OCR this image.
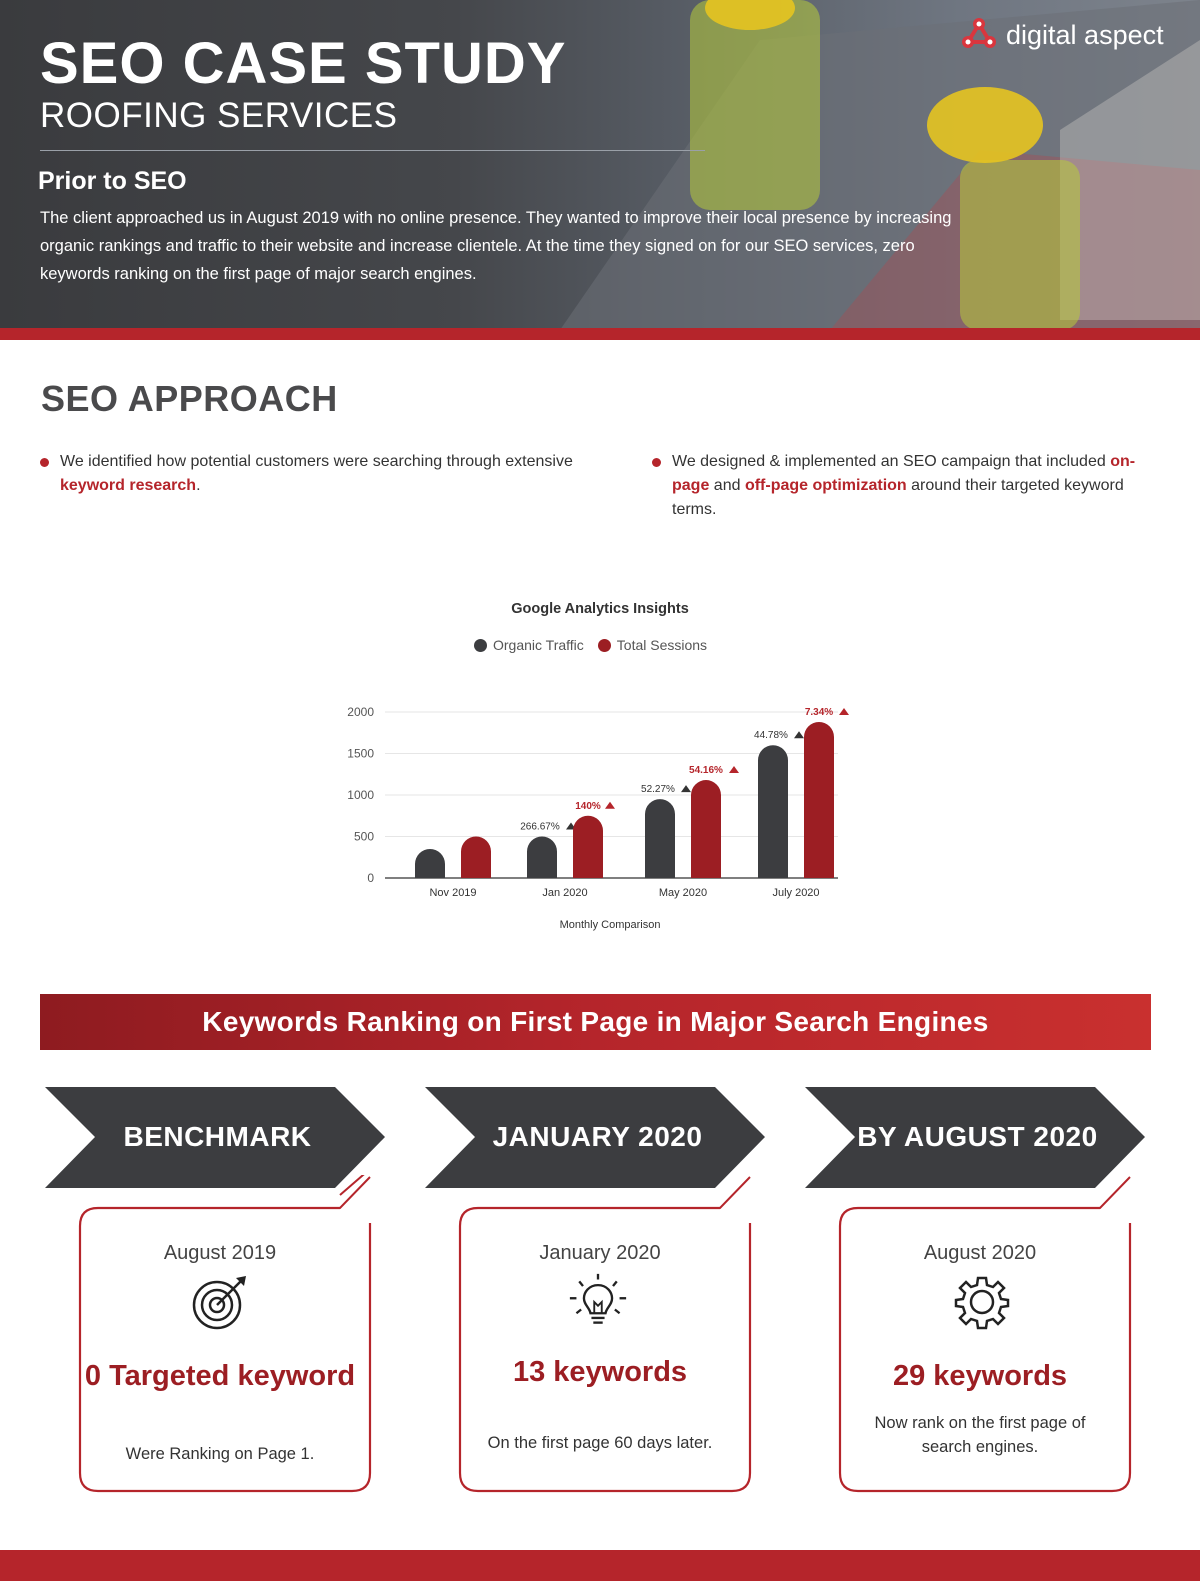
SEO CASE STUDY
ROOFING SERVICES
Prior to SEO
The client approached us in August 2019 with no online presence. They wanted to improve their local presence by increasing organic rankings and traffic to their website and increase clientele. At the time they signed on for our SEO services, zero keywords ranking on the first page of major search engines.
digital aspect
SEO APPROACH
We identified how potential customers were searching through extensive keyword research.
We designed & implemented an SEO campaign that included on-page and off-page optimization around their targeted keyword terms.
Google Analytics Insights
Organic Traffic Total Sessions
0
500
1000
1500
2000
Nov 2019
266.67%
140%
Jan 2020
52.27%
54.16%
May 2020
44.78%
7.34%
July 2020
Monthly Comparison
Keywords Ranking on First Page in Major Search Engines
BENCHMARK
August 2019
0 Targeted keyword
Were Ranking on Page 1.
JANUARY 2020
January 2020
13 keywords
On the first page 60 days later.
BY AUGUST 2020
August 2020
29 keywords
Now rank on the first page of search engines.
